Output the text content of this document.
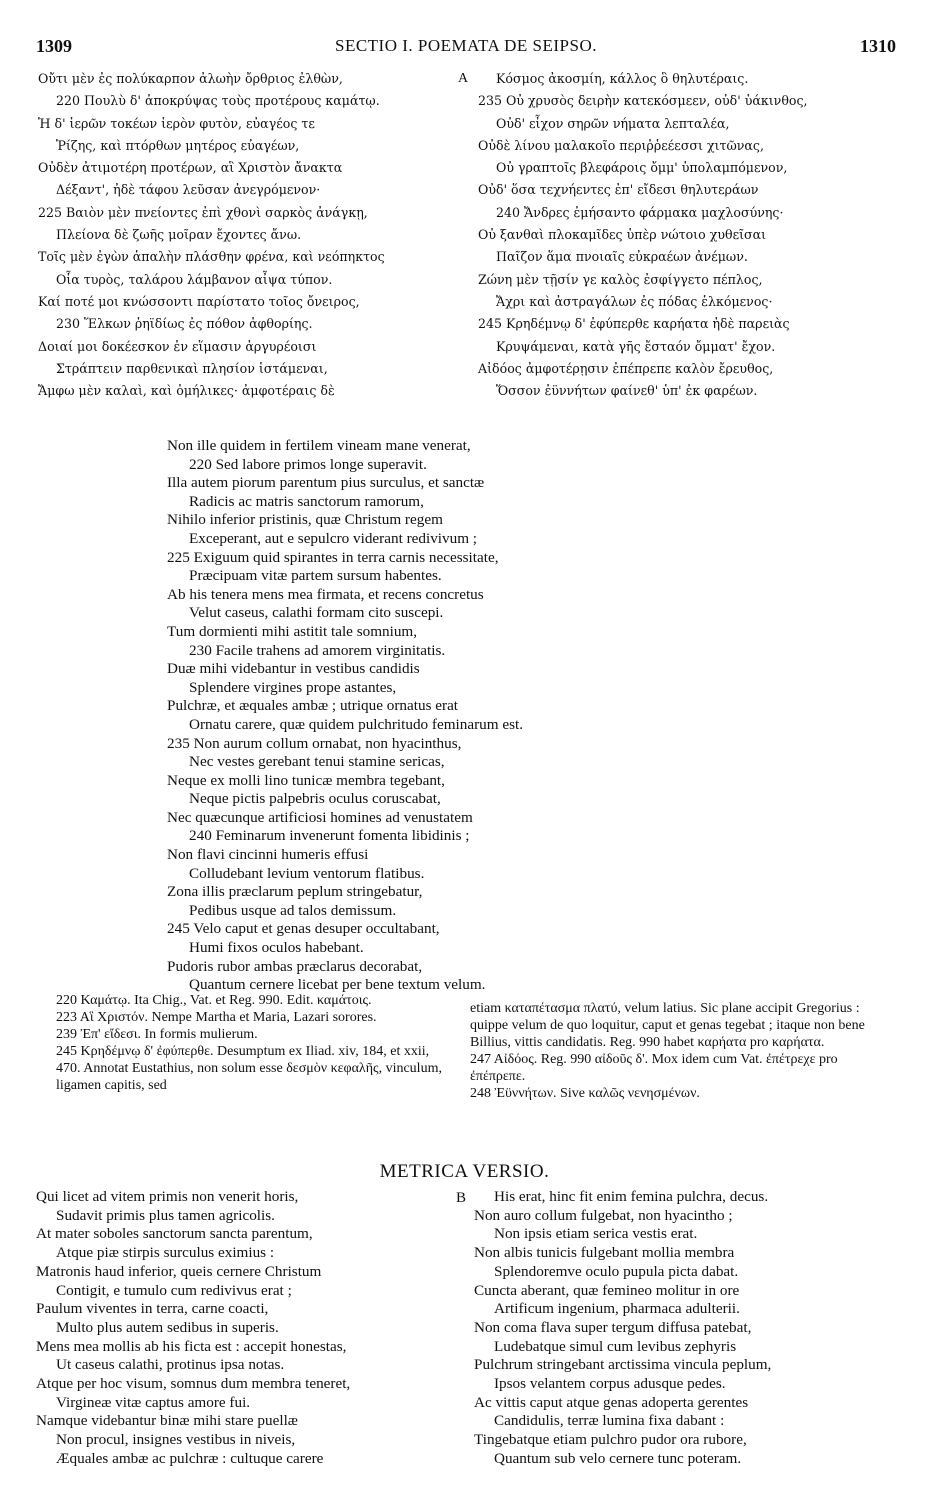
1309	SECTIO I. POEMATA DE SEIPSO.	1310
Οὔτι μὲν ἐς πολύκαρπον ἀλωὴν ὄρθριος ἐλθὼν,
220 Πουλὺ δ' ἀποκρύψας τοὺς προτέρους καμάτῳ.
Ἡ δ' ἱερῶν τοκέων ἱερὸν φυτὸν, εὐαγέος τε
Ῥίζης, καὶ πτόρθων μητέρος εὐαγέων,
Οὐδὲν ἀτιμοτέρη προτέρων, αἳ Χριστὸν ἄνακτα
Δέξαντ', ἠδὲ τάφου λεῦσαν ἀνεγρόμενον·
225 Βαιὸν μὲν πνείοντες ἐπὶ χθονὶ σαρκὸς ἀνάγκῃ,
Πλείονα δὲ ζωῆς μοῖραν ἔχοντες ἄνω.
Τοῖς μὲν ἐγὼν ἁπαλὴν πλάσθην φρένα, καὶ νεόπηκτος
Οἷα τυρὸς, ταλάρου λάμβανον αἶψα τύπον.
Καί ποτέ μοι κνώσσοντι παρίστατο τοῖος ὄνειρος,
230 Ἕλκων ῥηϊδίως ἐς πόθον ἀφθορίης.
Δοιαί μοι δοκέεσκον ἐν εἵμασιν ἀργυρέοισι
Στράπτειν παρθενικαὶ πλησίον ἱστάμεναι,
Ἄμφω μὲν καλαὶ, καὶ ὁμήλικες· ἀμφοτέραις δὲ
A	Κόσμος ἀκοσμίη, κάλλος ὃ θηλυτέραις.
235 Οὐ χρυσὸς δειρὴν κατεκόσμεεν, οὐδ' ὑάκινθος,
Οὐδ' εἶχον σηρῶν νήματα λεπταλέα,
Οὐδὲ λίνου μαλακοῖο περιῤῥεέεσσι χιτῶνας,
Οὐ γραπτοῖς βλεφάροις ὄμμ' ὑπολαμπόμενον,
Οὐδ' ὅσα τεχνήεντες ἐπ' εἴδεσι θηλυτεράων
240 Ἄνδρες ἐμήσαντο φάρμακα μαχλοσύνης·
Οὐ ξανθαὶ πλοκαμῖδες ὑπὲρ νώτοιο χυθεῖσαι
Παῖζον ἅμα πνοιαῖς εὐκραέων ἀνέμων.
Ζώνη μὲν τῇσίν γε καλὸς ἐσφίγγετο πέπλος,
Ἄχρι καὶ ἀστραγάλων ἐς πόδας ἑλκόμενος·
245 Κρηδέμνῳ δ' ἐφύπερθε καρήατα ἠδὲ παρειὰς
Κρυψάμεναι, κατὰ γῆς ἔσταόν ὄμματ' ἔχον.
Αἰδόος ἀμφοτέρῃσιν ἐπέπρεπε καλὸν ἔρευθος,
Ὅσσον ἐϋννήτων φαίνεθ' ὑπ' ἐκ φαρέων.
Non ille quidem in fertilem vineam mane venerat,
220 Sed labore primos longe superavit.
Illa autem piorum parentum pius surculus, et sanctæ
Radicis ac matris sanctorum ramorum,
Nihilo inferior pristinis, quæ Christum regem
Exceperant, aut e sepulcro viderant redivivum ;
225 Exiguum quid spirantes in terra carnis necessitate,
Præcipuam vitæ partem sursum habentes.
Ab his tenera mens mea firmata, et recens concretus
Velut caseus, calathi formam cito suscepi.
Tum dormienti mihi astitit tale somnium,
230 Facile trahens ad amorem virginitatis.
Duæ mihi videbantur in vestibus candidis
Splendere virgines prope astantes,
Pulchræ, et æquales ambæ ; utrique ornatus erat
Ornatu carere, quæ quidem pulchritudo feminarum est.
235 Non aurum collum ornabat, non hyacinthus,
Nec vestes gerebant tenui stamine sericas,
Neque ex molli lino tunicæ membra tegebant,
Neque pictis palpebris oculus coruscabat,
Nec quæcunque artificiosi homines ad venustatem
240 Feminarum invenerunt fomenta libidinis ;
Non flavi cincinni humeris effusi
Colludebant levium ventorum flatibus.
Zona illis præclarum peplum stringebatur,
Pedibus usque ad talos demissum.
245 Velo caput et genas desuper occultabant,
Humi fixos oculos habebant.
Pudoris rubor ambas præclarus decorabat,
Quantum cernere licebat per bene textum velum.

220 Καμάτῳ. Ita Chig., Vat. et Reg. 990. Edit. καμάτοις.

223 Αἳ Χριστόν. Nempe Martha et Maria, Lazari sorores.

239 Ἐπ' εἴδεσι. In formis mulierum.

245 Κρηδέμνῳ δ' ἐφύπερθε. Desumptum ex Iliad. xiv, 184, et xxii, 470. Annotat Eustathius, non solum esse δεσμὸν κεφαλῆς, vinculum, ligamen capitis, sed

etiam καταπέτασμα πλατύ, velum latius. Sic plane accipit Gregorius : quippe velum de quo loquitur, caput et genas tegebat ; itaque non bene Billius, vittis candidatis. Reg. 990 habet καρήατα pro καρήατα.

247 Αἰδόος. Reg. 990 αἰδοῦς δ'. Mox idem cum Vat. ἐπέτρεχε pro ἐπέπρεπε.

248 Ἐϋννήτων. Sive καλῶς νενησμένων.

METRICA VERSIO.
B
Qui licet ad vitem primis non venerit horis,
Sudavit primis plus tamen agricolis.
At mater soboles sanctorum sancta parentum,
Atque piæ stirpis surculus eximius :
Matronis haud inferior, queis cernere Christum
Contigit, e tumulo cum redivivus erat ;
Paulum viventes in terra, carne coacti,
Multo plus autem sedibus in superis.
Mens mea mollis ab his ficta est : accepit honestas,
Ut caseus calathi, protinus ipsa notas.
Atque per hoc visum, somnus dum membra teneret,
Virgineæ vitæ captus amore fui.
Namque videbantur binæ mihi stare puellæ
Non procul, insignes vestibus in niveis,
Æquales ambæ ac pulchræ : cultuque carere
His erat, hinc fit enim femina pulchra, decus.
Non auro collum fulgebat, non hyacintho ;
Non ipsis etiam serica vestis erat.
Non albis tunicis fulgebant mollia membra
Splendoremve oculo pupula picta dabat.
Cuncta aberant, quæ femineo molitur in ore
Artificum ingenium, pharmaca adulterii.
Non coma flava super tergum diffusa patebat,
Ludebatque simul cum levibus zephyris
Pulchrum stringebant arctissima vincula peplum,
Ipsos velantem corpus adusque pedes.
Ac vittis caput atque genas adoperta gerentes
Candidulis, terræ lumina fixa dabant :
Tingebatque etiam pulchro pudor ora rubore,
Quantum sub velo cernere tunc poteram.
